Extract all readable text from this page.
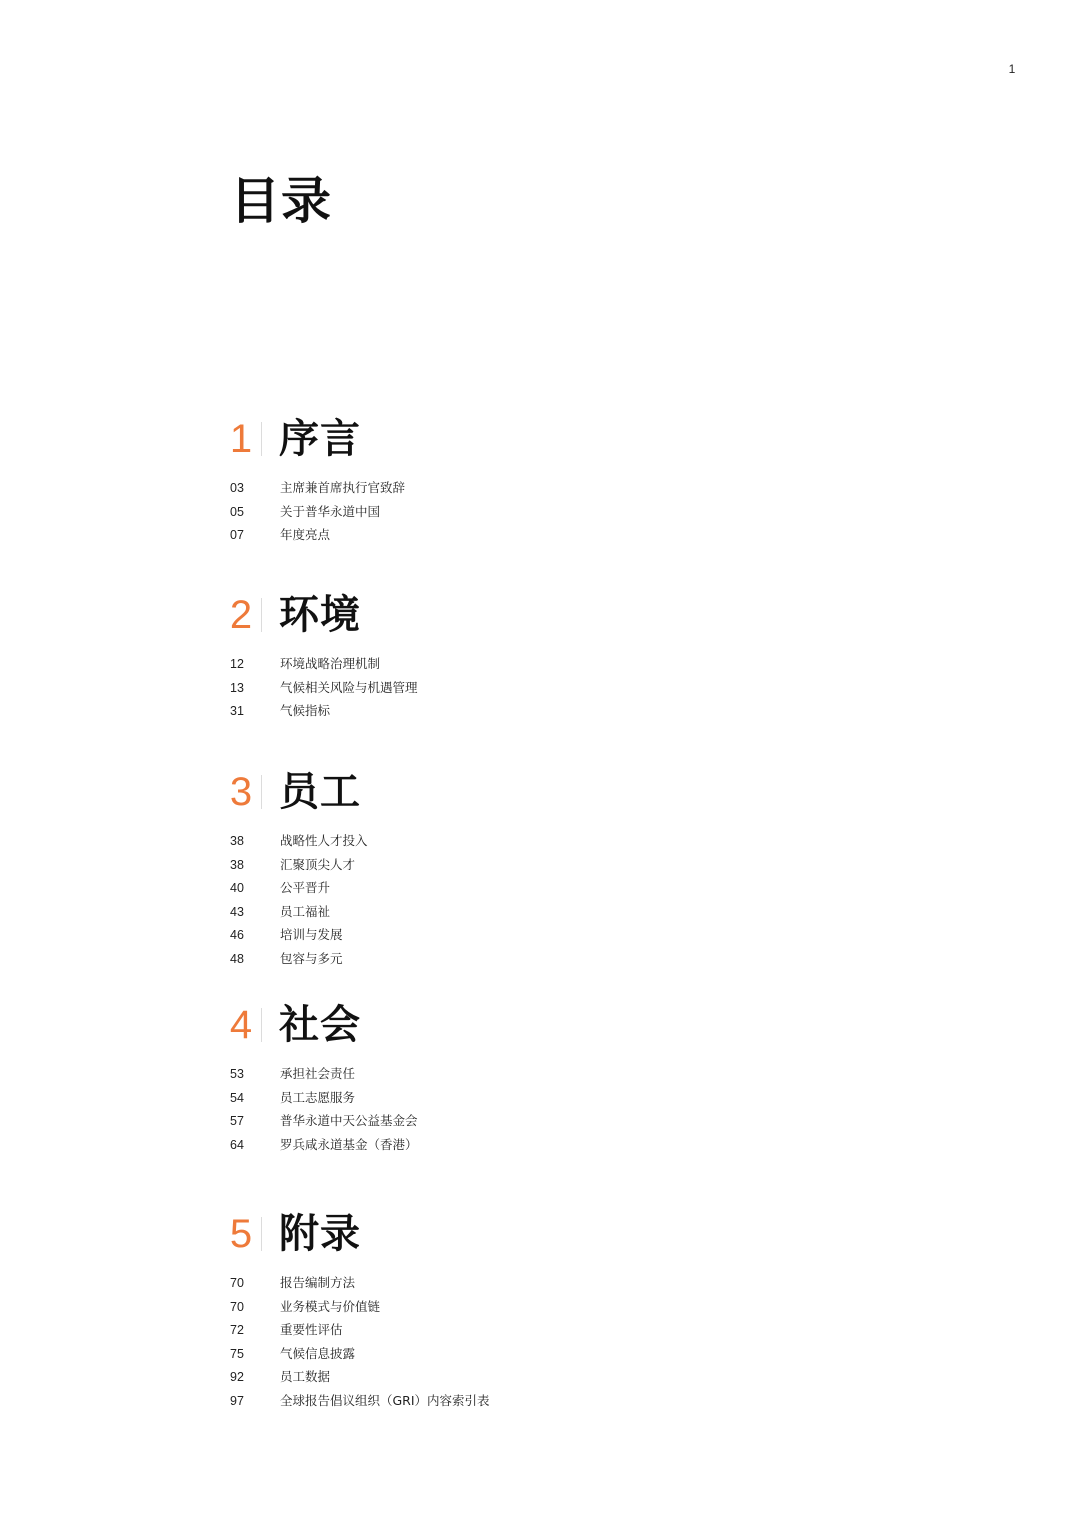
1
目录
1 序言
03	主席兼首席执行官致辞
05	关于普华永道中国
07	年度亮点
2 环境
12	环境战略治理机制
13	气候相关风险与机遇管理
31	气候指标
3 员工
38	战略性人才投入
38	汇聚顶尖人才
40	公平晋升
43	员工福祉
46	培训与发展
48	包容与多元
4 社会
53	承担社会责任
54	员工志愿服务
57	普华永道中天公益基金会
64	罗兵咸永道基金（香港）
5 附录
70	报告编制方法
70	业务模式与价值链
72	重要性评估
75	气候信息披露
92	员工数据
97	全球报告倡议组织（GRI）内容索引表
